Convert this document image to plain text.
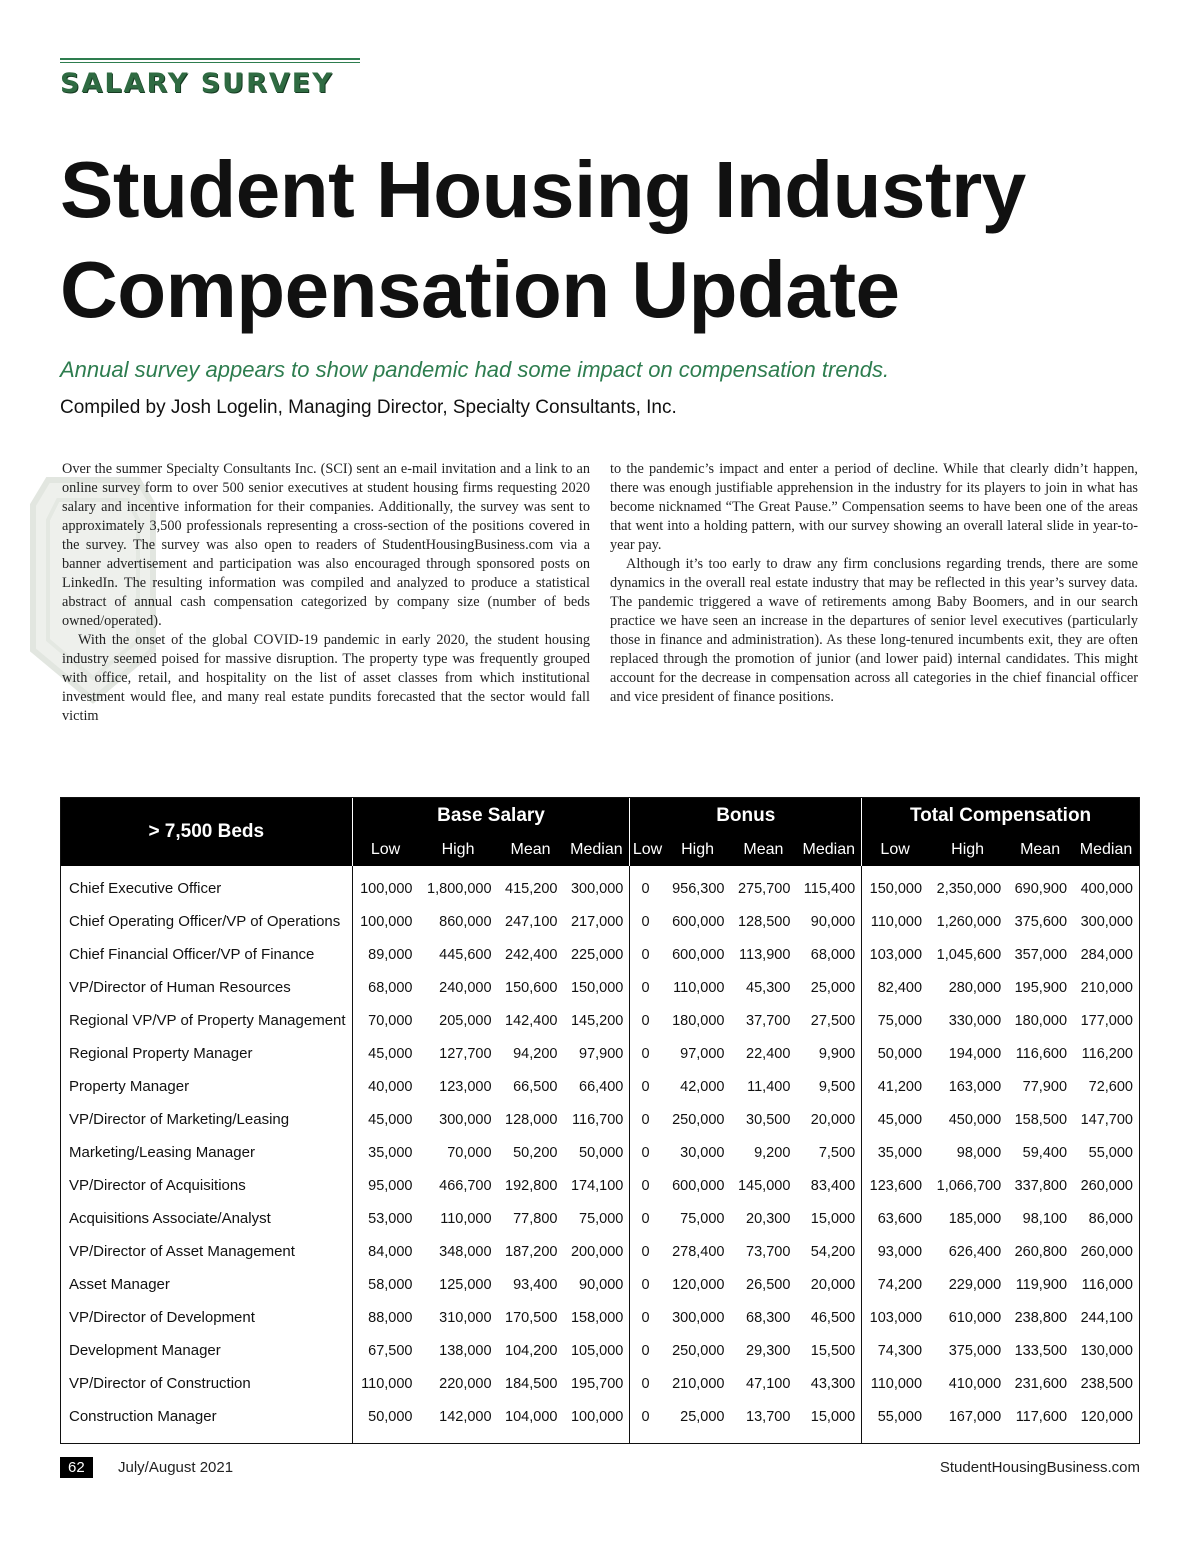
SALARY SURVEY
Student Housing Industry Compensation Update
Annual survey appears to show pandemic had some impact on compensation trends.
Compiled by Josh Logelin, Managing Director, Specialty Consultants, Inc.

Over the summer Specialty Consultants Inc. (SCI) sent an e-mail invitation and a link to an online survey form to over 500 senior executives at student housing firms requesting 2020 salary and incentive information for their companies. Additionally, the survey was sent to approximately 3,500 professionals representing a cross-section of the positions covered in the survey. The survey was also open to readers of StudentHousingBusiness.com via a banner advertisement and participation was also encouraged through sponsored posts on LinkedIn. The resulting information was compiled and analyzed to produce a statistical abstract of annual cash compensation categorized by company size (number of beds owned/operated).

With the onset of the global COVID-19 pandemic in early 2020, the student housing industry seemed poised for massive disruption. The property type was frequently grouped with office, retail, and hospitality on the list of asset classes from which institutional investment would flee, and many real estate pundits forecasted that the sector would fall victim

to the pandemic’s impact and enter a period of decline. While that clearly didn’t happen, there was enough justifiable apprehension in the industry for its players to join in what has become nicknamed “The Great Pause.” Compensation seems to have been one of the areas that went into a holding pattern, with our survey showing an overall lateral slide in year-to-year pay.

Although it’s too early to draw any firm conclusions regarding trends, there are some dynamics in the overall real estate industry that may be reflected in this year’s survey data. The pandemic triggered a wave of retirements among Baby Boomers, and in our search practice we have seen an increase in the departures of senior level executives (particularly those in finance and administration). As these long-tenured incumbents exit, they are often replaced through the promotion of junior (and lower paid) internal candidates. This might account for the decrease in compensation across all categories in the chief financial officer and vice president of finance positions.

> 7,500 Beds	Base Salary				Bonus				Total Compensation			
	Low	High	Mean	Median	Low	High	Mean	Median	Low	High	Mean	Median
Chief Executive Officer	100,000	1,800,000	415,200	300,000	0	956,300	275,700	115,400	150,000	2,350,000	690,900	400,000
Chief Operating Officer/VP of Operations	100,000	860,000	247,100	217,000	0	600,000	128,500	90,000	110,000	1,260,000	375,600	300,000
Chief Financial Officer/VP of Finance	89,000	445,600	242,400	225,000	0	600,000	113,900	68,000	103,000	1,045,600	357,000	284,000
VP/Director of Human Resources	68,000	240,000	150,600	150,000	0	110,000	45,300	25,000	82,400	280,000	195,900	210,000
Regional VP/VP of Property Management	70,000	205,000	142,400	145,200	0	180,000	37,700	27,500	75,000	330,000	180,000	177,000
Regional Property Manager	45,000	127,700	94,200	97,900	0	97,000	22,400	9,900	50,000	194,000	116,600	116,200
Property Manager	40,000	123,000	66,500	66,400	0	42,000	11,400	9,500	41,200	163,000	77,900	72,600
VP/Director of Marketing/Leasing	45,000	300,000	128,000	116,700	0	250,000	30,500	20,000	45,000	450,000	158,500	147,700
Marketing/Leasing Manager	35,000	70,000	50,200	50,000	0	30,000	9,200	7,500	35,000	98,000	59,400	55,000
VP/Director of Acquisitions	95,000	466,700	192,800	174,100	0	600,000	145,000	83,400	123,600	1,066,700	337,800	260,000
Acquisitions Associate/Analyst	53,000	110,000	77,800	75,000	0	75,000	20,300	15,000	63,600	185,000	98,100	86,000
VP/Director of Asset Management	84,000	348,000	187,200	200,000	0	278,400	73,700	54,200	93,000	626,400	260,800	260,000
Asset Manager	58,000	125,000	93,400	90,000	0	120,000	26,500	20,000	74,200	229,000	119,900	116,000
VP/Director of Development	88,000	310,000	170,500	158,000	0	300,000	68,300	46,500	103,000	610,000	238,800	244,100
Development Manager	67,500	138,000	104,200	105,000	0	250,000	29,300	15,500	74,300	375,000	133,500	130,000
VP/Director of Construction	110,000	220,000	184,500	195,700	0	210,000	47,100	43,300	110,000	410,000	231,600	238,500
Construction Manager	50,000	142,000	104,000	100,000	0	25,000	13,700	15,000	55,000	167,000	117,600	120,000
62	July/August 2021	StudentHousingBusiness.com
